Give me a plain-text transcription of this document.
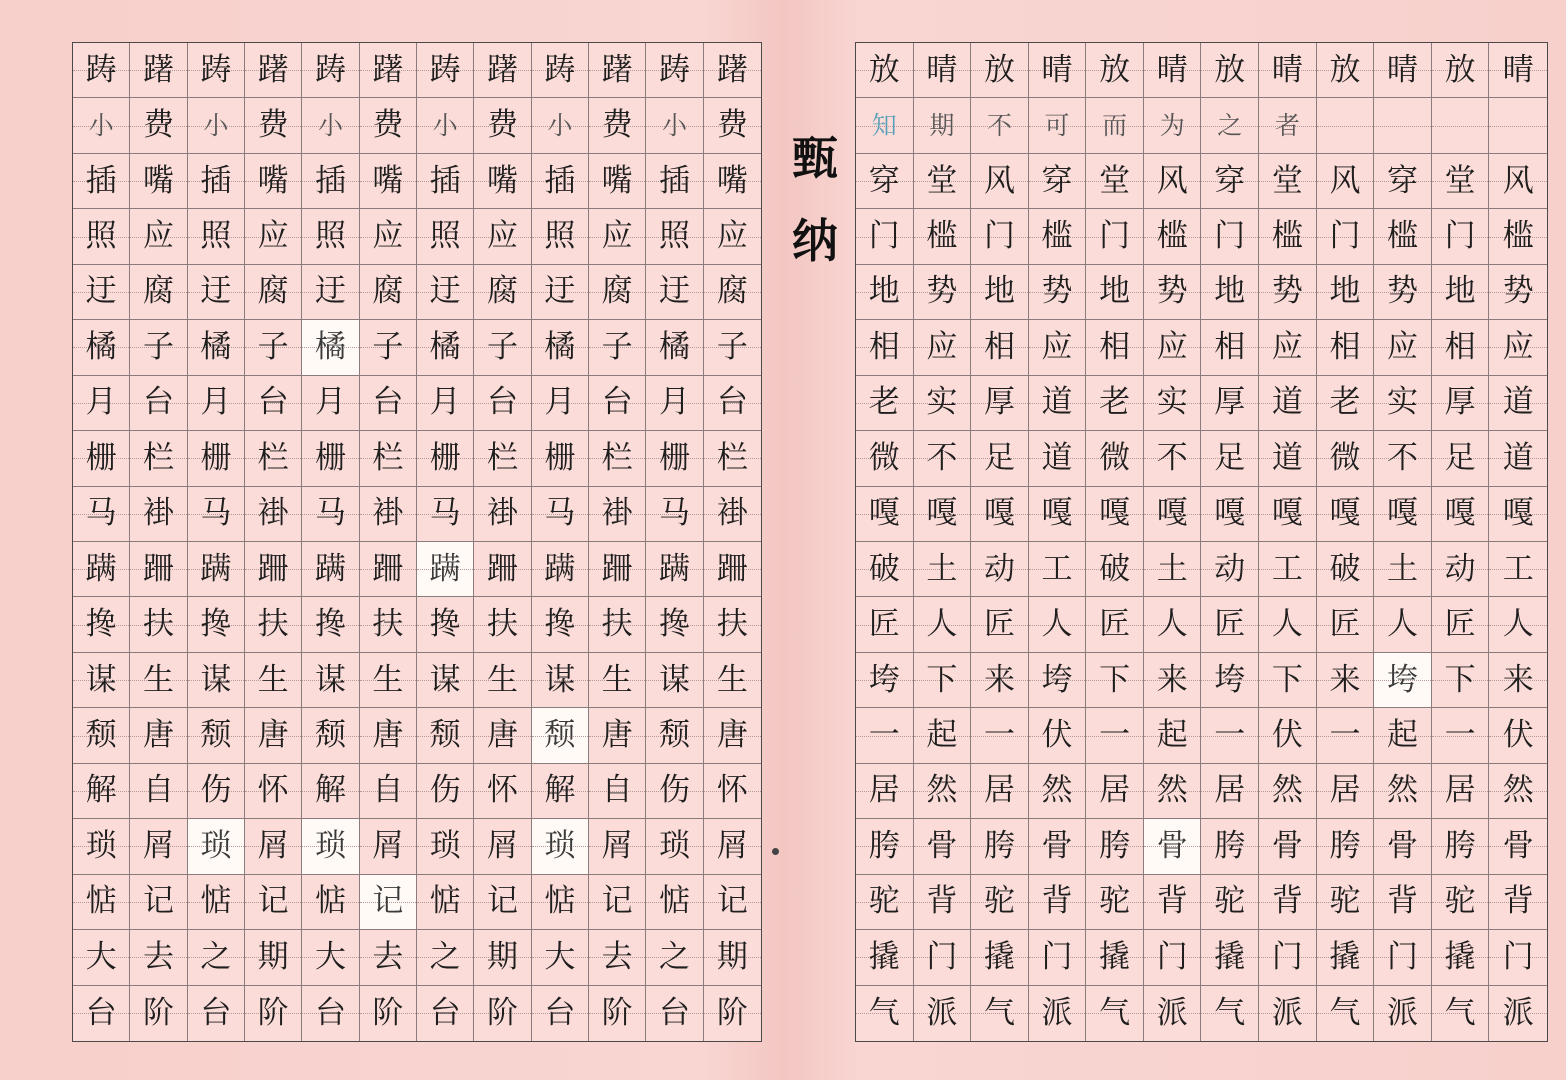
踌 躇 踌 躇 踌 躇 踌 躇 踌 躇 踌 躇
小 费 小 费 小 费 小 费 小 费 小 费
插 嘴 插 嘴 插 嘴 插 嘴 插 嘴 插 嘴
照 应 照 应 照 应 照 应 照 应 照 应
迂 腐 迂 腐 迂 腐 迂 腐 迂 腐 迂 腐
橘 子 橘 子 橘 子 橘 子 橘 子 橘 子
月 台 月 台 月 台 月 台 月 台 月 台
栅 栏 栅 栏 栅 栏 栅 栏 栅 栏 栅 栏
马 褂 马 褂 马 褂 马 褂 马 褂 马 褂
蹒 跚 蹒 跚 蹒 跚 蹒 跚 蹒 跚 蹒 跚
搀 扶 搀 扶 搀 扶 搀 扶 搀 扶 搀 扶
谋 生 谋 生 谋 生 谋 生 谋 生 谋 生
颓 唐 颓 唐 颓 唐 颓 唐 颓 唐 颓 唐
解 自 伤 怀 解 自 伤 怀 解 自 伤 怀
琐 屑 琐 屑 琐 屑 琐 屑 琐 屑 琐 屑
惦 记 惦 记 惦 记 惦 记 惦 记 惦 记
大 去 之 期 大 去 之 期 大 去 之 期
台 阶 台 阶 台 阶 台 阶 台 阶 台 阶
放 晴 放 晴 放 晴 放 晴 放 晴 放 晴
知 期 不 可 而 为 之 者
穿 堂 风 穿 堂 风 穿 堂 风 穿 堂 风
门 槛 门 槛 门 槛 门 槛 门 槛 门 槛
地 势 地 势 地 势 地 势 地 势 地 势
相 应 相 应 相 应 相 应 相 应 相 应
老 实 厚 道 老 实 厚 道 老 实 厚 道
微 不 足 道 微 不 足 道 微 不 足 道
嘎 嘎 嘎 嘎 嘎 嘎 嘎 嘎 嘎 嘎 嘎 嘎
破 土 动 工 破 土 动 工 破 土 动 工
匠 人 匠 人 匠 人 匠 人 匠 人 匠 人
垮 下 来 垮 下 来 垮 下 来 垮 下 来
一 起 一 伏 一 起 一 伏 一 起 一 伏
居 然 居 然 居 然 居 然 居 然 居 然
胯 骨 胯 骨 胯 骨 胯 骨 胯 骨 胯 骨
驼 背 驼 背 驼 背 驼 背 驼 背 驼 背
撬 门 撬 门 撬 门 撬 门 撬 门 撬 门
气 派 气 派 气 派 气 派 气 派 气 派
甄
纳
